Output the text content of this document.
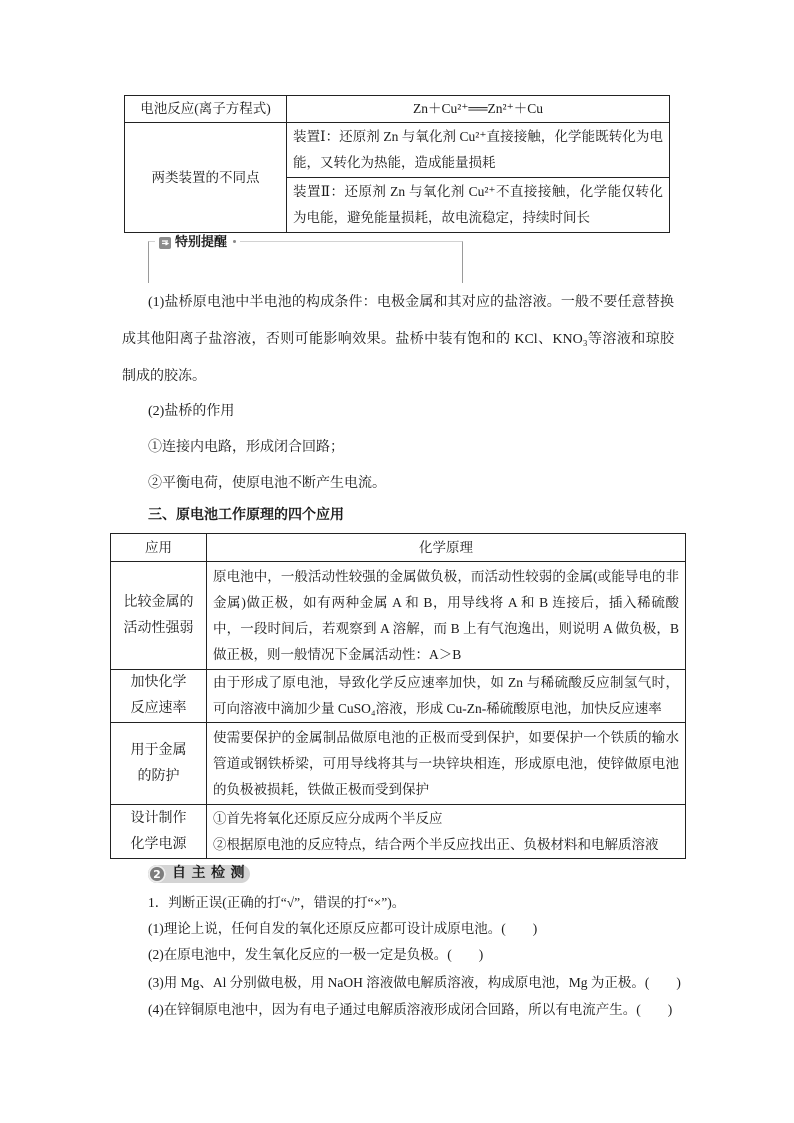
电池反应(离子方程式)	Zn＋Cu²⁺══Zn²⁺＋Cu
两类装置的不同点	装置Ⅰ：还原剂 Zn 与氧化剂 Cu²⁺直接接触，化学能既转化为电能，又转化为热能，造成能量损耗
	装置Ⅱ：还原剂 Zn 与氧化剂 Cu²⁺不直接接触，化学能仅转化为电能，避免能量损耗，故电流稳定，持续时间长
特别提醒

(1)盐桥原电池中半电池的构成条件：电极金属和其对应的盐溶液。一般不要任意替换成其他阳离子盐溶液，否则可能影响效果。盐桥中装有饱和的 KCl、KNO₃等溶液和琼胶制成的胶冻。

(2)盐桥的作用

①连接内电路，形成闭合回路；

②平衡电荷，使原电池不断产生电流。

三、原电池工作原理的四个应用

应用	化学原理

比较金属的
活动性强弱	原电池中，一般活动性较强的金属做负极，而活动性较弱的金属(或能导电的非金属)做正极，如有两种金属 A 和 B，用导线将 A 和 B 连接后，插入稀硫酸中，一段时间后，若观察到 A 溶解，而 B 上有气泡逸出，则说明 A 做负极，B 做正极，则一般情况下金属活动性：A＞B

加快化学
反应速率	由于形成了原电池，导致化学反应速率加快，如 Zn 与稀硫酸反应制氢气时，可向溶液中滴加少量 CuSO₄溶液，形成 Cu-Zn-稀硫酸原电池，加快反应速率

用于金属
的防护	使需要保护的金属制品做原电池的正极而受到保护，如要保护一个铁质的输水管道或钢铁桥梁，可用导线将其与一块锌块相连，形成原电池，使锌做原电池的负极被损耗，铁做正极而受到保护

设计制作
化学电源	①首先将氧化还原反应分成两个半反应
②根据原电池的反应特点，结合两个半反应找出正、负极材料和电解质溶液
2 自 主 检 测

1．判断正误(正确的打“√”，错误的打“×”)。

(1)理论上说，任何自发的氧化还原反应都可设计成原电池。(　　)

(2)在原电池中，发生氧化反应的一极一定是负极。(　　)

(3)用 Mg、Al 分别做电极，用 NaOH 溶液做电解质溶液，构成原电池，Mg 为正极。(　　)

(4)在锌铜原电池中，因为有电子通过电解质溶液形成闭合回路，所以有电流产生。(　　)
